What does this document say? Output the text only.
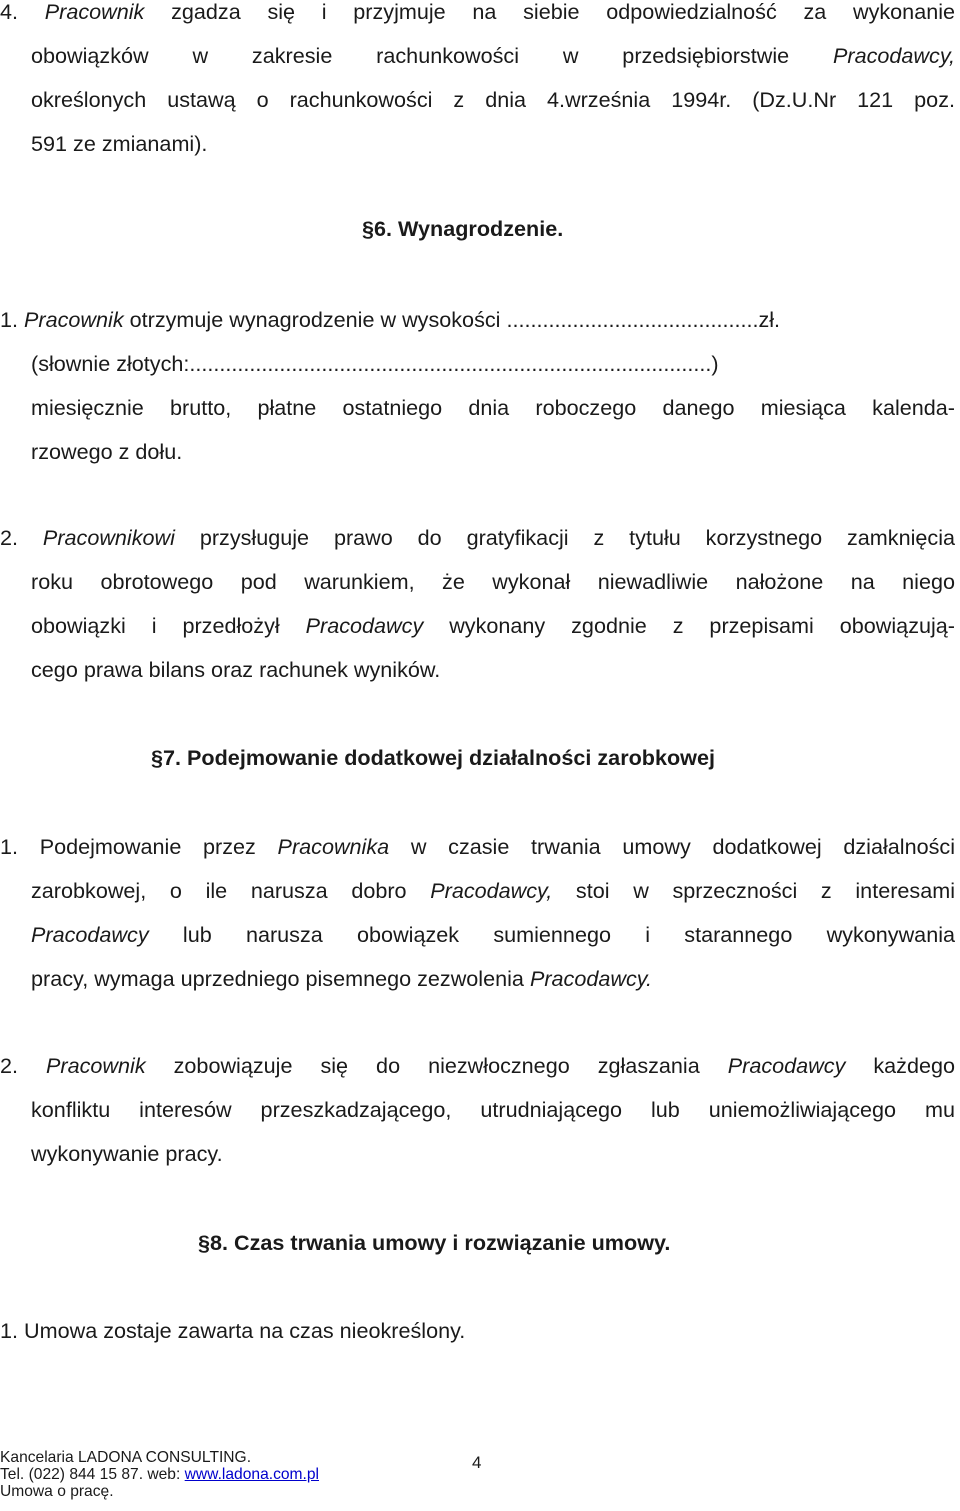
4. Pracownik zgadza się i przyjmuje na siebie odpowiedzialność za wykonanie
obowiązków w zakresie rachunkowości w przedsiębiorstwie Pracodawcy,
określonych ustawą o rachunkowości z dnia 4.września 1994r. (Dz.U.Nr 121 poz.
591 ze zmianami).
§6. Wynagrodzenie.
1. Pracownik otrzymuje wynagrodzenie w wysokości ..........................................zł.
(słownie złotych:.......................................................................................)
miesięcznie brutto, płatne ostatniego dnia roboczego danego miesiąca kalenda-
rzowego z dołu.
2. Pracownikowi przysługuje prawo do gratyfikacji z tytułu korzystnego zamknięcia
roku obrotowego pod warunkiem, że wykonał niewadliwie nałożone na niego
obowiązki i przedłożył Pracodawcy wykonany zgodnie z przepisami obowiązują-
cego prawa bilans oraz rachunek wyników.
§7. Podejmowanie dodatkowej działalności zarobkowej
1. Podejmowanie przez Pracownika w czasie trwania umowy dodatkowej działalności
zarobkowej, o ile narusza dobro Pracodawcy, stoi w sprzeczności z interesami
Pracodawcy lub narusza obowiązek sumiennego i starannego wykonywania
pracy, wymaga uprzedniego pisemnego zezwolenia Pracodawcy.
2. Pracownik zobowiązuje się do niezwłocznego zgłaszania Pracodawcy każdego
konfliktu interesów przeszkadzającego, utrudniającego lub uniemożliwiającego mu
wykonywanie pracy.
§8. Czas trwania umowy i rozwiązanie umowy.
1. Umowa zostaje zawarta na czas nieokreślony.
Kancelaria LADONA CONSULTING.
Tel. (022) 844 15 87. web: www.ladona.com.pl
Umowa o pracę.
4
